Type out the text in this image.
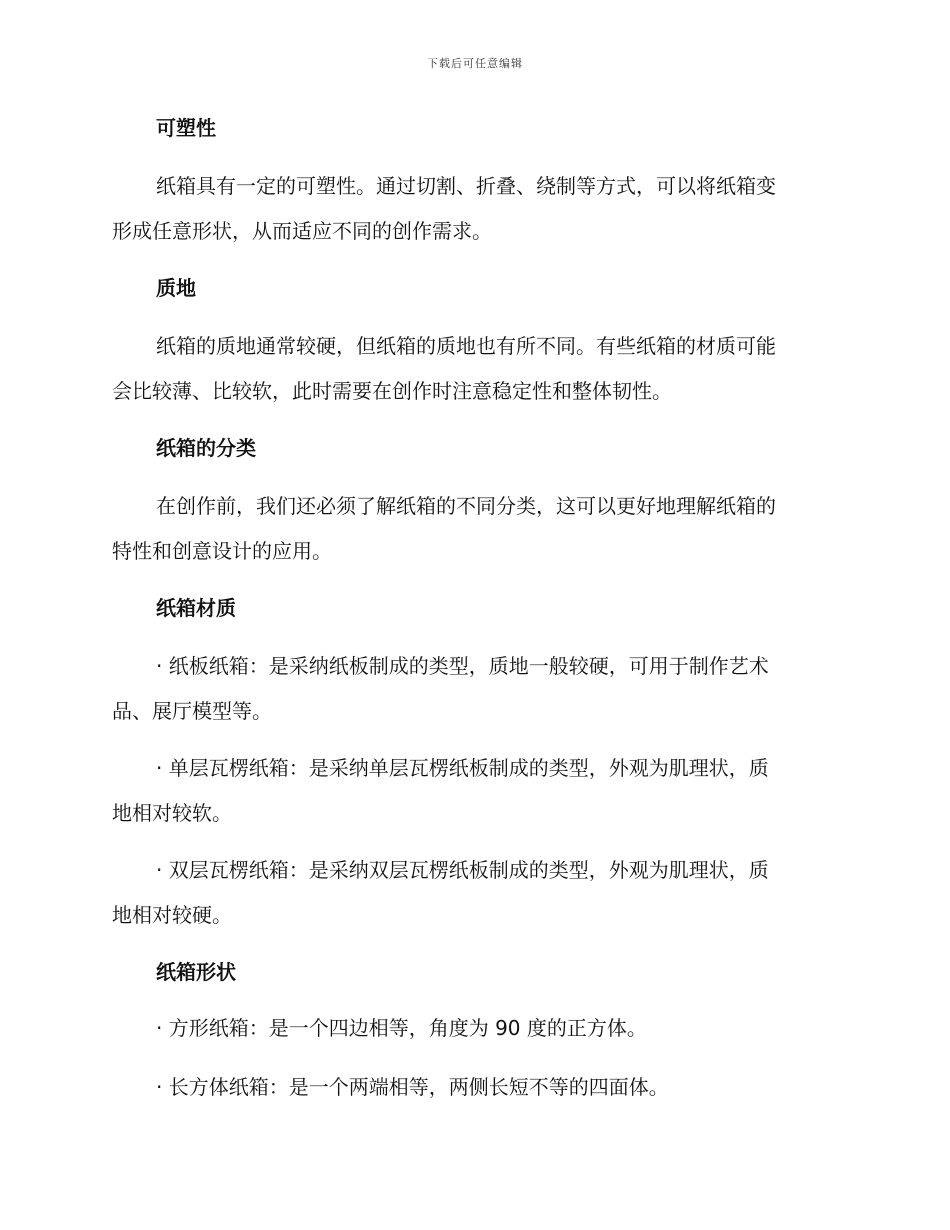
下载后可任意编辑
可塑性
纸箱具有一定的可塑性。通过切割、折叠、绕制等方式，可以将纸箱变
形成任意形状，从而适应不同的创作需求。
质地
纸箱的质地通常较硬，但纸箱的质地也有所不同。有些纸箱的材质可能
会比较薄、比较软，此时需要在创作时注意稳定性和整体韧性。
纸箱的分类
在创作前，我们还必须了解纸箱的不同分类，这可以更好地理解纸箱的
特性和创意设计的应用。
纸箱材质
· 纸板纸箱：是采纳纸板制成的类型，质地一般较硬，可用于制作艺术
品、展厅模型等。
· 单层瓦楞纸箱：是采纳单层瓦楞纸板制成的类型，外观为肌理状，质
地相对较软。
· 双层瓦楞纸箱：是采纳双层瓦楞纸板制成的类型，外观为肌理状，质
地相对较硬。
纸箱形状
· 方形纸箱：是一个四边相等，角度为 90 度的正方体。
· 长方体纸箱：是一个两端相等，两侧长短不等的四面体。
